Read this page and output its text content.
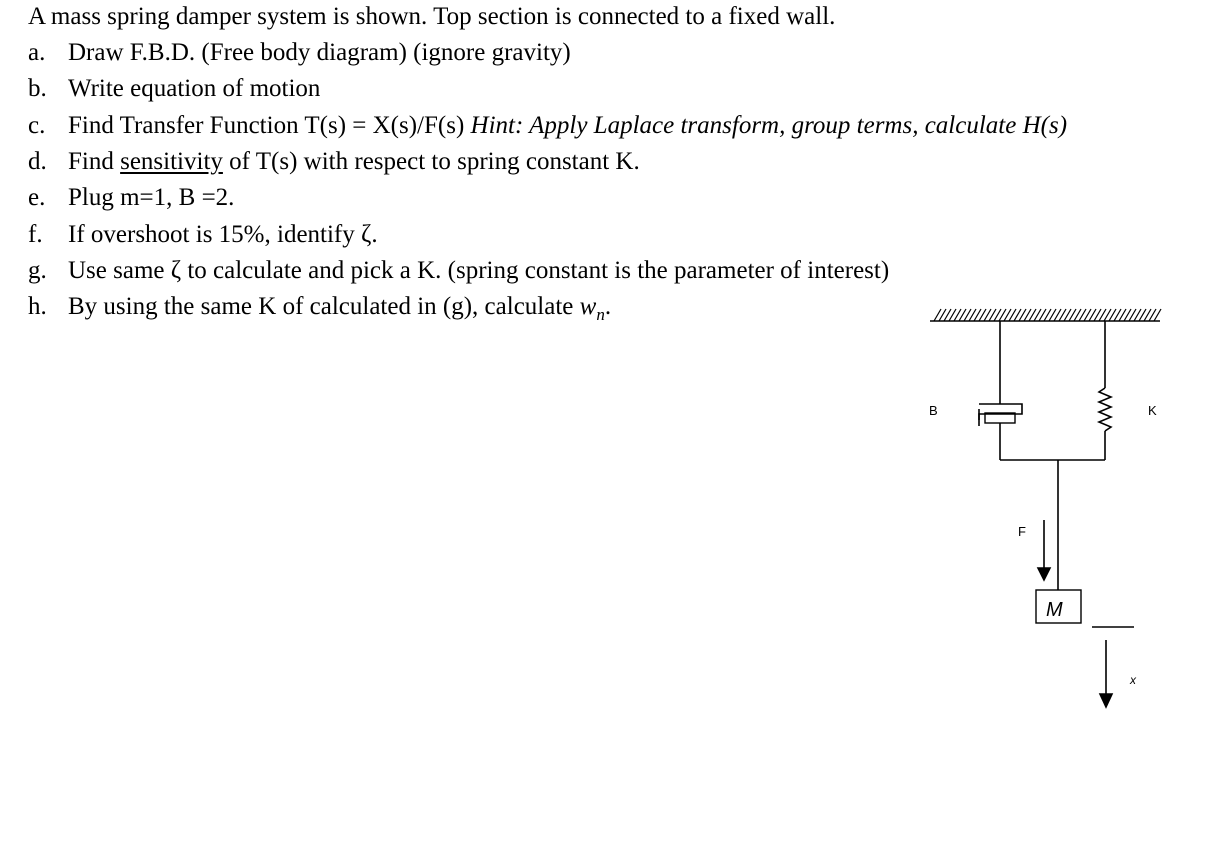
A mass spring damper system is shown. Top section is connected to a fixed wall.
a. Draw F.B.D. (Free body diagram) (ignore gravity)
b. Write equation of motion
c. Find Transfer Function T(s) = X(s)/F(s) Hint: Apply Laplace transform, group terms, calculate H(s)
d. Find sensitivity of T(s) with respect to spring constant K.
e. Plug m=1, B =2.
f. If overshoot is 15%, identify ζ.
g. Use same ζ to calculate and pick a K. (spring constant is the parameter of interest)
h. By using the same K of calculated in (g), calculate $w_n$.
B	K
F
M
x
